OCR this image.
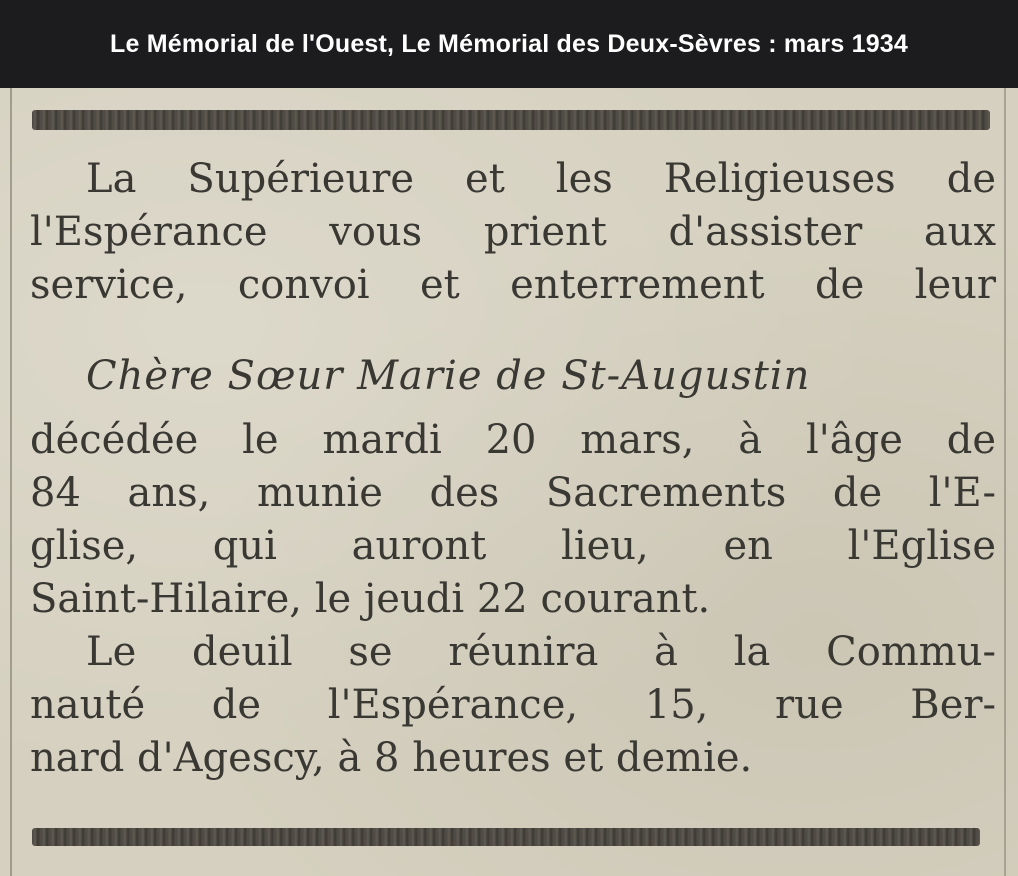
Le Mémorial de l'Ouest, Le Mémorial des Deux-Sèvres : mars 1934
La Supérieure et les Religieuses de
l'Espérance vous prient d'assister aux
service, convoi et enterrement de leur
Chère Sœur Marie de St-Augustin
décédée le mardi 20 mars, à l'âge de
84 ans, munie des Sacrements de l'E-
glise, qui auront lieu, en l'Eglise
Saint-Hilaire, le jeudi 22 courant.
Le deuil se réunira à la Commu-
nauté de l'Espérance, 15, rue Ber-
nard d'Agescy, à 8 heures et demie.
